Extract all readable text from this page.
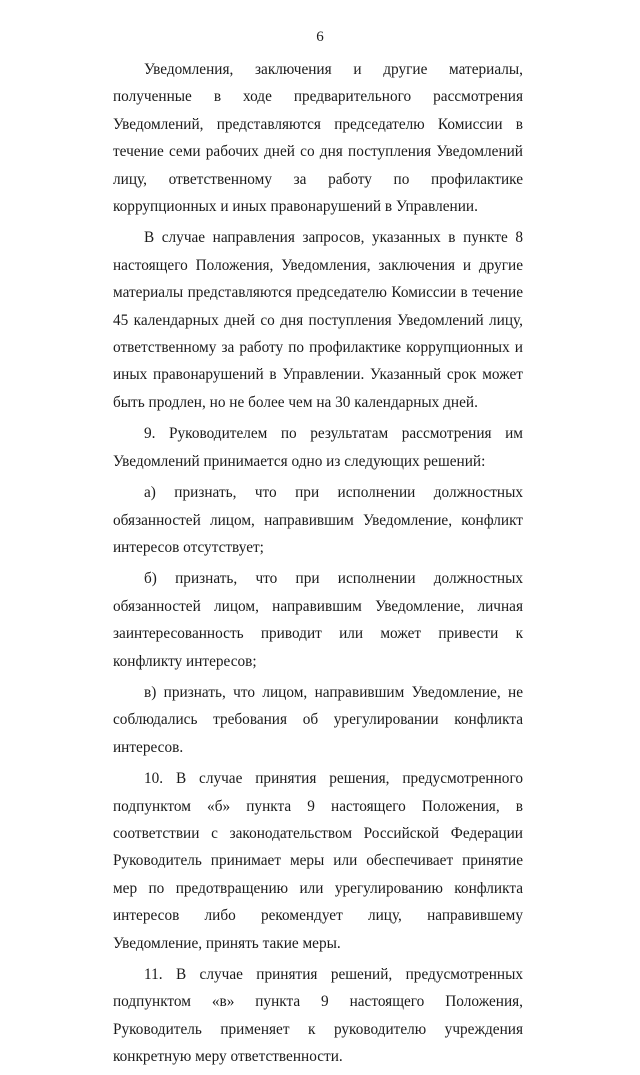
6

Уведомления, заключения и другие материалы, полученные в ходе предварительного рассмотрения Уведомлений, представляются председателю Комиссии в течение семи рабочих дней со дня поступления Уведомлений лицу, ответственному за работу по профилактике коррупционных и иных правонарушений в Управлении.

В случае направления запросов, указанных в пункте 8 настоящего Положения, Уведомления, заключения и другие материалы представляются председателю Комиссии в течение 45 календарных дней со дня поступления Уведомлений лицу, ответственному за работу по профилактике коррупционных и иных правонарушений в Управлении. Указанный срок может быть продлен, но не более чем на 30 календарных дней.

9. Руководителем по результатам рассмотрения им Уведомлений принимается одно из следующих решений:

а) признать, что при исполнении должностных обязанностей лицом, направившим Уведомление, конфликт интересов отсутствует;

б) признать, что при исполнении должностных обязанностей лицом, направившим Уведомление, личная заинтересованность приводит или может привести к конфликту интересов;

в) признать, что лицом, направившим Уведомление, не соблюдались требования об урегулировании конфликта интересов.

10. В случае принятия решения, предусмотренного подпунктом «б» пункта 9 настоящего Положения, в соответствии с законодательством Российской Федерации Руководитель принимает меры или обеспечивает принятие мер по предотвращению или урегулированию конфликта интересов либо рекомендует лицу, направившему Уведомление, принять такие меры.

11. В случае принятия решений, предусмотренных подпунктом «в» пункта 9 настоящего Положения, Руководитель применяет к руководителю учреждения конкретную меру ответственности.
